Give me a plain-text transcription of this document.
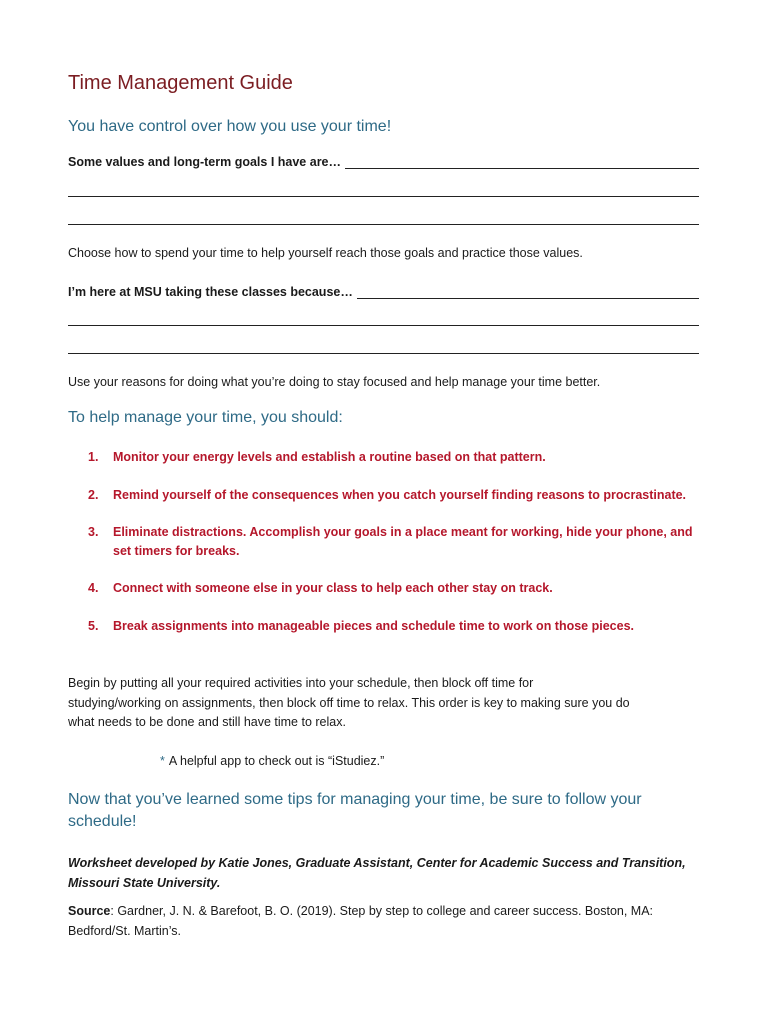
Time Management Guide
You have control over how you use your time!
Some values and long-term goals I have are…
Choose how to spend your time to help yourself reach those goals and practice those values.
I’m here at MSU taking these classes because…
Use your reasons for doing what you’re doing to stay focused and help manage your time better.
To help manage your time, you should:
1.	Monitor your energy levels and establish a routine based on that pattern.
2.	Remind yourself of the consequences when you catch yourself finding reasons to procrastinate.
3.	Eliminate distractions. Accomplish your goals in a place meant for working, hide your phone, and set timers for breaks.
4.	Connect with someone else in your class to help each other stay on track.
5.	Break assignments into manageable pieces and schedule time to work on those pieces.
Begin by putting all your required activities into your schedule, then block off time for
studying/working on assignments, then block off time to relax. This order is key to making sure you do
what needs to be done and still have time to relax.
* A helpful app to check out is “iStudiez.”
Now that you’ve learned some tips for managing your time, be sure to follow your schedule!
Worksheet developed by Katie Jones, Graduate Assistant, Center for Academic Success and Transition,
Missouri State University.
Source: Gardner, J. N. & Barefoot, B. O. (2019). Step by step to college and career success. Boston, MA:
Bedford/St. Martin’s.
